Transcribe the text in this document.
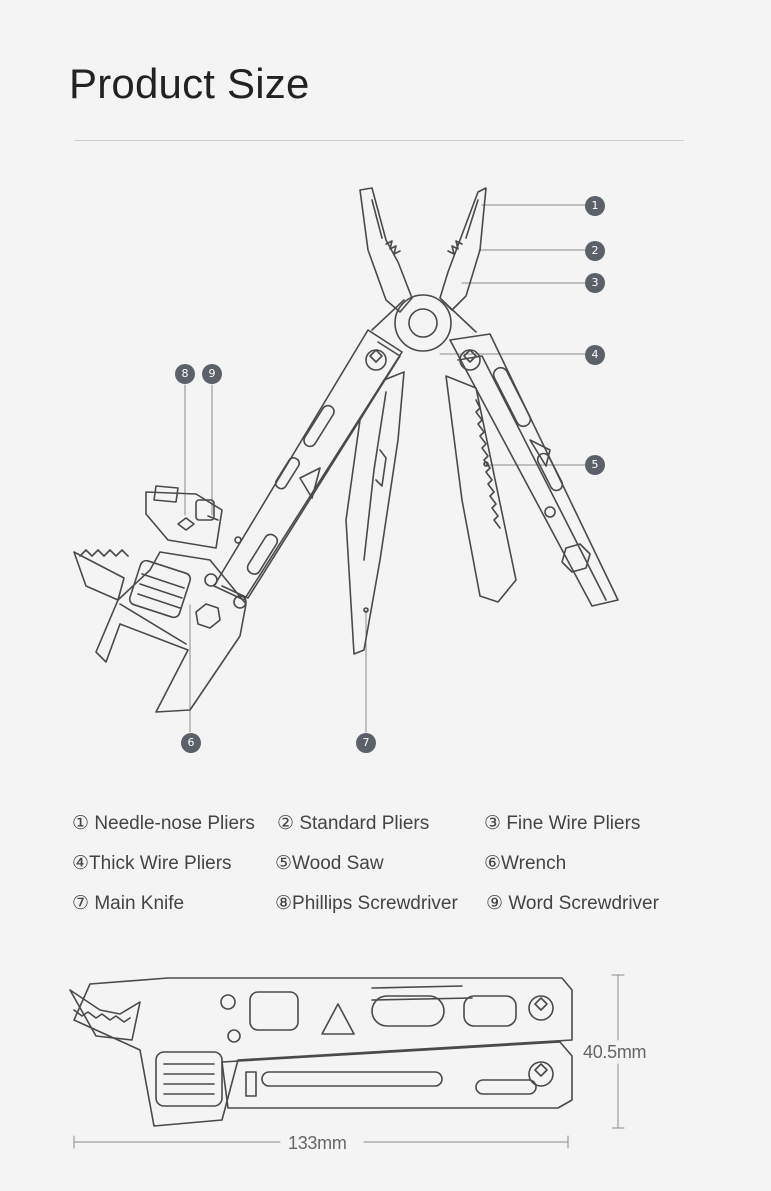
Product Size
1
2
3
4
5
6	7
8	9
① Needle-nose Pliers ② Standard Pliers	③ Fine Wire Pliers
④Thick Wire Pliers ⑤Wood Saw	⑥Wrench
⑦ Main Knife	⑧Phillips Screwdriver ⑨ Word Screwdriver
40.5mm
133mm
